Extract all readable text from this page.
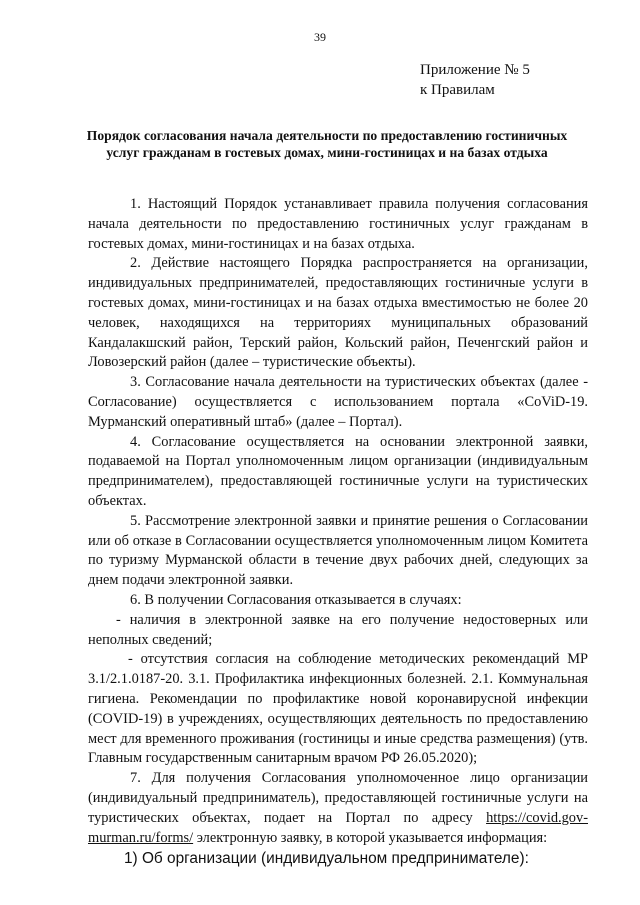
39
Приложение № 5
к Правилам
Порядок согласования начала деятельности по предоставлению гостиничных услуг гражданам в гостевых домах, мини-гостиницах и на базах отдыха

1. Настоящий Порядок устанавливает правила получения согласования начала деятельности по предоставлению гостиничных услуг гражданам в гостевых домах, мини-гостиницах и на базах отдыха.

2. Действие настоящего Порядка распространяется на организации, индивидуальных предпринимателей, предоставляющих гостиничные услуги в гостевых домах, мини-гостиницах и на базах отдыха вместимостью не более 20 человек, находящихся на территориях муниципальных образований Кандалакшский район, Терский район, Кольский район, Печенгский район и Ловозерский район (далее – туристические объекты).

3. Согласование начала деятельности на туристических объектах (далее - Согласование) осуществляется с использованием портала «CoViD-19. Мурманский оперативный штаб» (далее – Портал).

4. Согласование осуществляется на основании электронной заявки, подаваемой на Портал уполномоченным лицом организации (индивидуальным предпринимателем), предоставляющей гостиничные услуги на туристических объектах.

5. Рассмотрение электронной заявки и принятие решения о Согласовании или об отказе в Согласовании осуществляется уполномоченным лицом Комитета по туризму Мурманской области в течение двух рабочих дней, следующих за днем подачи электронной заявки.

6. В получении Согласования отказывается в случаях:

- наличия в электронной заявке на его получение недостоверных или неполных сведений;

- отсутствия согласия на соблюдение методических рекомендаций МР 3.1/2.1.0187-20. 3.1. Профилактика инфекционных болезней. 2.1. Коммунальная гигиена. Рекомендации по профилактике новой коронавирусной инфекции (COVID-19) в учреждениях, осуществляющих деятельность по предоставлению мест для временного проживания (гостиницы и иные средства размещения) (утв. Главным государственным санитарным врачом РФ 26.05.2020);

7. Для получения Согласования уполномоченное лицо организации (индивидуальный предприниматель), предоставляющей гостиничные услуги на туристических объектах, подает на Портал по адресу https://covid.gov-murman.ru/forms/ электронную заявку, в которой указывается информация:

1) Об организации (индивидуальном предпринимателе):
